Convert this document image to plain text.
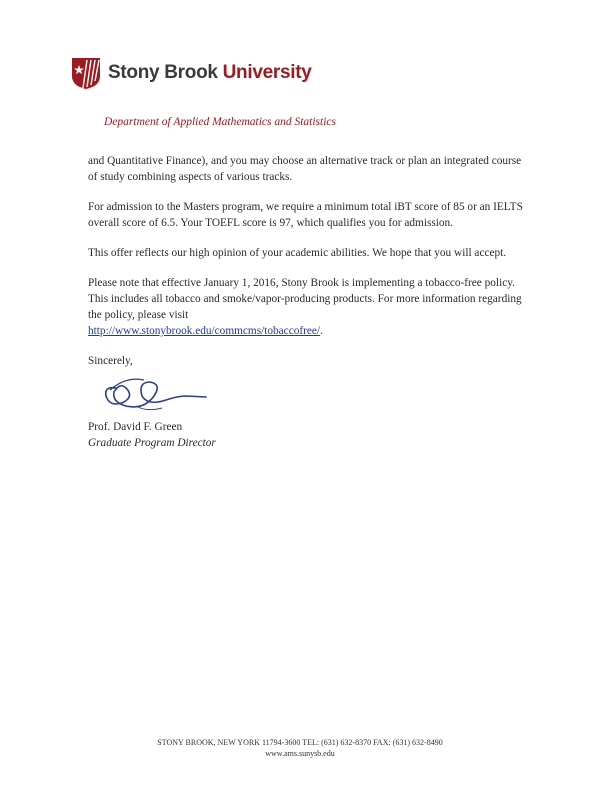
Stony Brook University
Department of Applied Mathematics and Statistics

and Quantitative Finance), and you may choose an alternative track or plan an integrated course of study combining aspects of various tracks.

For admission to the Masters program, we require a minimum total iBT score of 85 or an IELTS overall score of 6.5. Your TOEFL score is 97, which qualifies you for admission.

This offer reflects our high opinion of your academic abilities. We hope that you will accept.

Please note that effective January 1, 2016, Stony Brook is implementing a tobacco-free policy. This includes all tobacco and smoke/vapor-producing products. For more information regarding the policy, please visit
http://www.stonybrook.edu/commcms/tobaccofree/.

Sincerely,

Prof. David F. Green
Graduate Program Director
STONY BROOK, NEW YORK 11794-3600 TEL: (631) 632-8370 FAX: (631) 632-8490
www.ams.sunysb.edu
